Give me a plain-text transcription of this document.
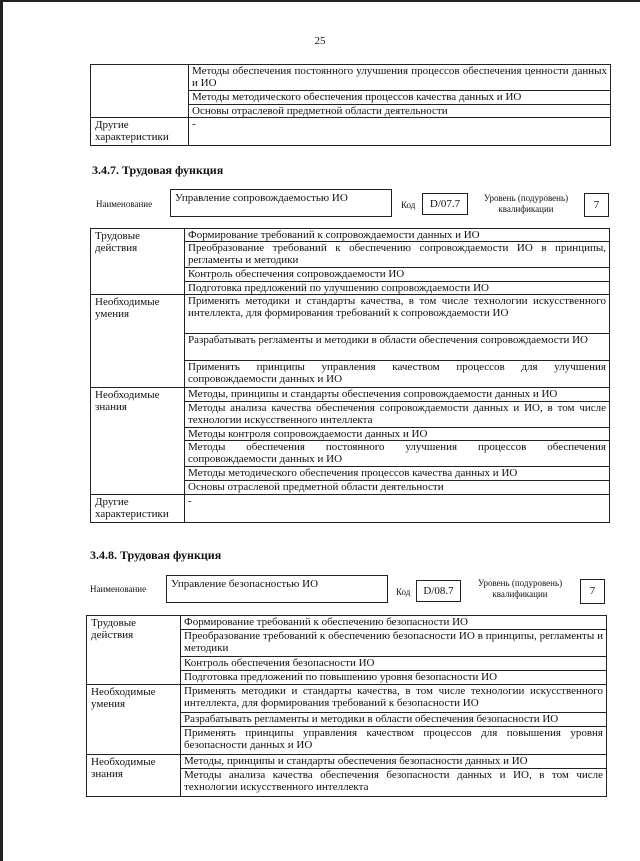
25
	Методы обеспечения постоянного улучшения процессов обеспечения ценности данных и ИО
	Методы методического обеспечения процессов качества данных и ИО
	Основы отраслевой предметной области деятельности
Другие характеристики	-
3.4.7. Трудовая функция
Наименование	Управление сопровождаемостью ИО
Код	D/07.7	Уровень (подуровень) квалификации	7
Трудовые действия	Формирование требований к сопровождаемости данных и ИО
	Преобразование требований к обеспечению сопровождаемости ИО в принципы, регламенты и методики
	Контроль обеспечения сопровождаемости ИО
	Подготовка предложений по улучшению сопровождаемости ИО
Необходимые умения	Применять методики и стандарты качества, в том числе технологии искусственного интеллекта, для формирования требований к сопровождаемости ИО
	Разрабатывать регламенты и методики в области обеспечения сопровождаемости ИО
	Применять принципы управления качеством процессов для улучшения сопровождаемости данных и ИО
Необходимые знания	Методы, принципы и стандарты обеспечения сопровождаемости данных и ИО
	Методы анализа качества обеспечения сопровождаемости данных и ИО, в том числе технологии искусственного интеллекта
	Методы контроля сопровождаемости данных и ИО
	Методы обеспечения постоянного улучшения процессов обеспечения сопровождаемости данных и ИО
	Методы методического обеспечения процессов качества данных и ИО
	Основы отраслевой предметной области деятельности
Другие характеристики	-
3.4.8. Трудовая функция
Наименование	Управление безопасностью ИО
Код	D/08.7
Уровень (подуровень) квалификации	7
Трудовые действия	Формирование требований к обеспечению безопасности ИО
	Преобразование требований к обеспечению безопасности ИО в принципы, регламенты и методики
	Контроль обеспечения безопасности ИО
	Подготовка предложений по повышению уровня безопасности ИО
Необходимые умения	Применять методики и стандарты качества, в том числе технологии искусственного интеллекта, для формирования требований к безопасности ИО
	Разрабатывать регламенты и методики в области обеспечения безопасности ИО
	Применять принципы управления качеством процессов для повышения уровня безопасности данных и ИО
Необходимые знания	Методы, принципы и стандарты обеспечения безопасности данных и ИО
	Методы анализа качества обеспечения безопасности данных и ИО, в том числе технологии искусственного интеллекта
